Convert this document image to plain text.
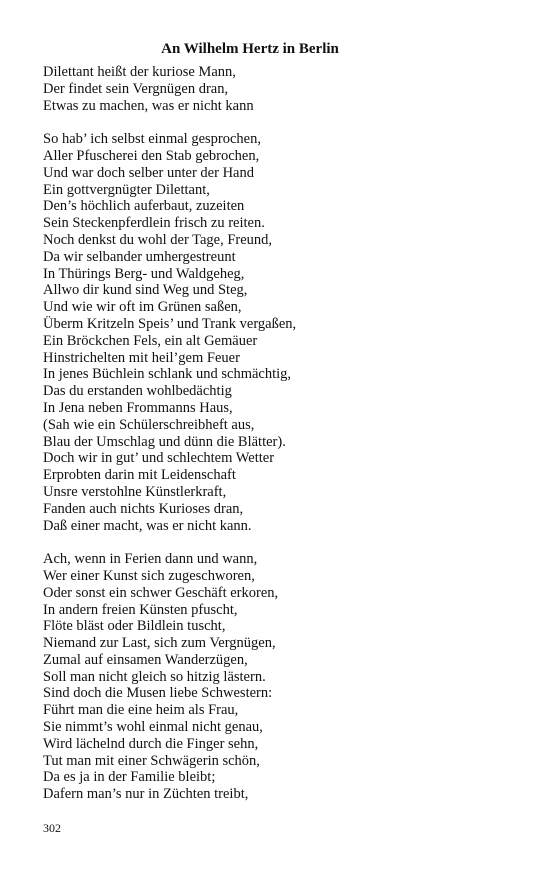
An Wilhelm Hertz in Berlin
Dilettant heißt der kuriose Mann,
Der findet sein Vergnügen dran,
Etwas zu machen, was er nicht kann
So hab’ ich selbst einmal gesprochen,
Aller Pfuscherei den Stab gebrochen,
Und war doch selber unter der Hand
Ein gottvergnügter Dilettant,
Den’s höchlich auferbaut, zuzeiten
Sein Steckenpferdlein frisch zu reiten.
Noch denkst du wohl der Tage, Freund,
Da wir selbander umhergestreunt
In Thürings Berg- und Waldgeheg,
Allwo dir kund sind Weg und Steg,
Und wie wir oft im Grünen saßen,
Überm Kritzeln Speis’ und Trank vergaßen,
Ein Bröckchen Fels, ein alt Gemäuer
Hinstrichelten mit heil’gem Feuer
In jenes Büchlein schlank und schmächtig,
Das du erstanden wohlbedächtig
In Jena neben Frommanns Haus,
(Sah wie ein Schülerschreibheft aus,
Blau der Umschlag und dünn die Blätter).
Doch wir in gut’ und schlechtem Wetter
Erprobten darin mit Leidenschaft
Unsre verstohlne Künstlerkraft,
Fanden auch nichts Kurioses dran,
Daß einer macht, was er nicht kann.
Ach, wenn in Ferien dann und wann,
Wer einer Kunst sich zugeschworen,
Oder sonst ein schwer Geschäft erkoren,
In andern freien Künsten pfuscht,
Flöte bläst oder Bildlein tuscht,
Niemand zur Last, sich zum Vergnügen,
Zumal auf einsamen Wanderzügen,
Soll man nicht gleich so hitzig lästern.
Sind doch die Musen liebe Schwestern:
Führt man die eine heim als Frau,
Sie nimmt’s wohl einmal nicht genau,
Wird lächelnd durch die Finger sehn,
Tut man mit einer Schwägerin schön,
Da es ja in der Familie bleibt;
Dafern man’s nur in Züchten treibt,
302
